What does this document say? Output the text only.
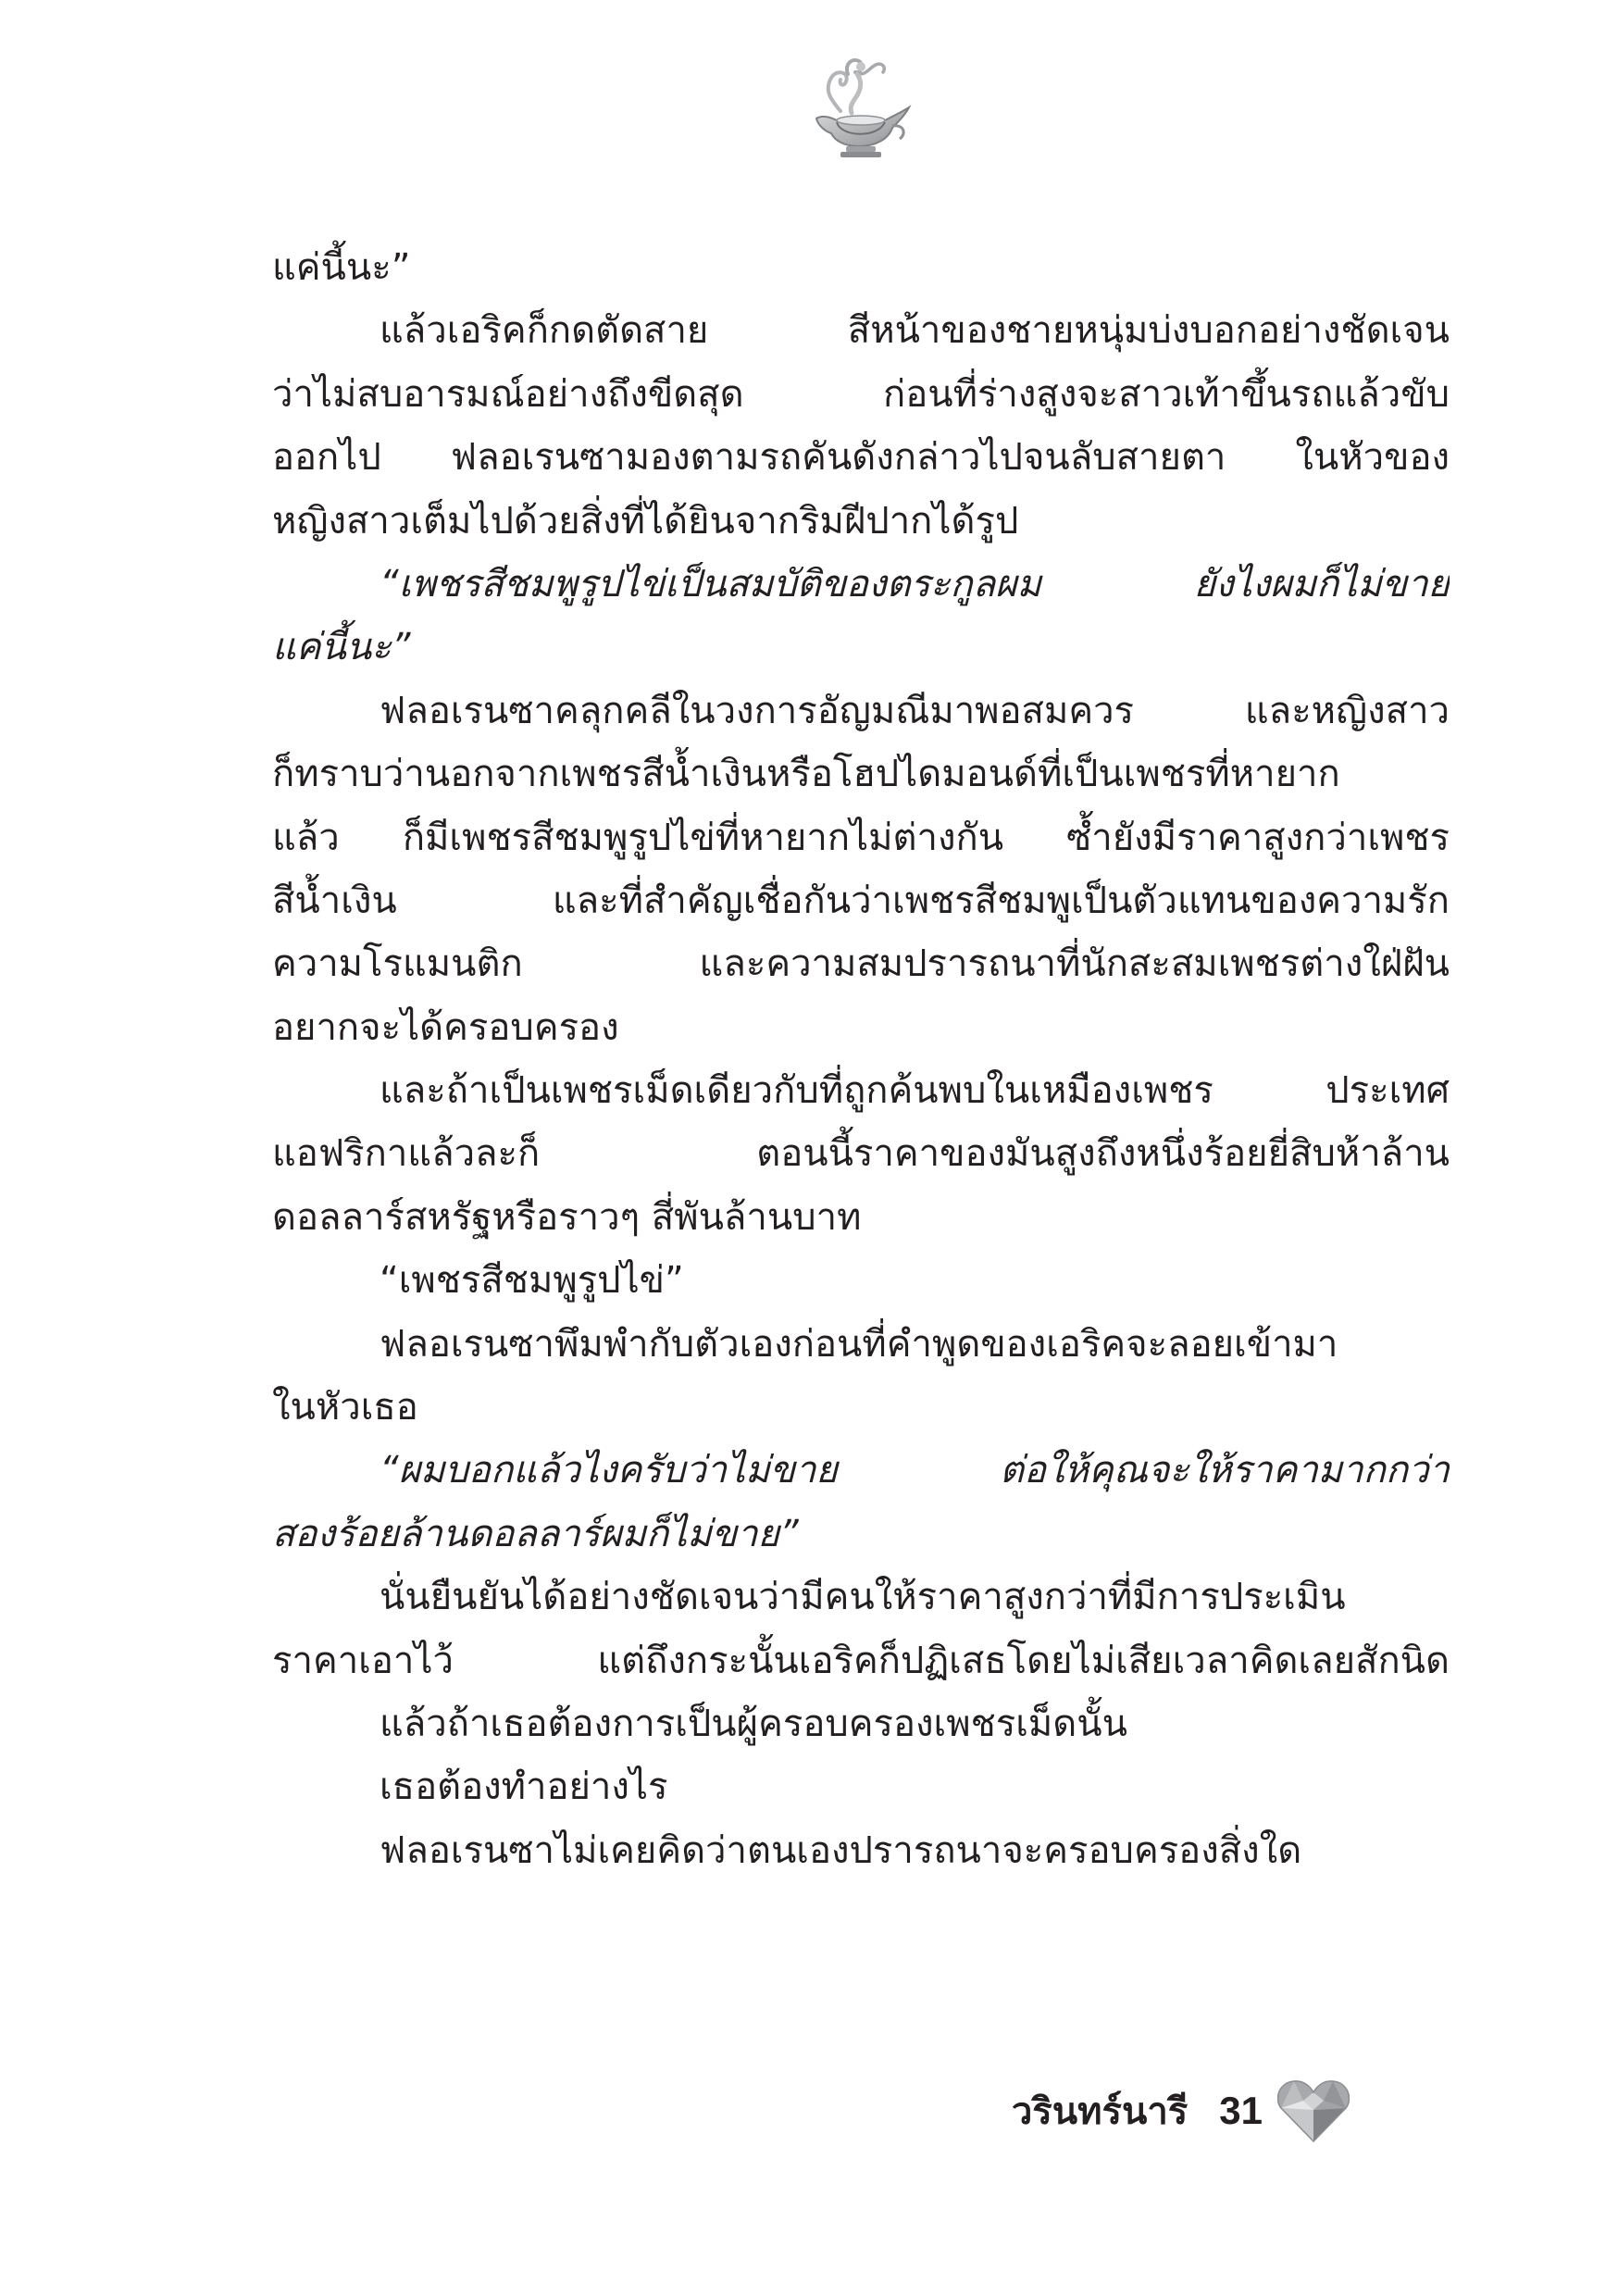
แค่นี้นะ”
แล้วเอริคก็กดตัดสาย สีหน้าของชายหนุ่มบ่งบอกอย่างชัดเจน
ว่าไม่สบอารมณ์อย่างถึงขีดสุด ก่อนที่ร่างสูงจะสาวเท้าขึ้นรถแล้วขับ
ออกไป ฟลอเรนซามองตามรถคันดังกล่าวไปจนลับสายตา ในหัวของ
หญิงสาวเต็มไปด้วยสิ่งที่ได้ยินจากริมฝีปากได้รูป
“เพชรสีชมพูรูปไข่เป็นสมบัติของตระกูลผม ยังไงผมก็ไม่ขาย
แค่นี้นะ”
ฟลอเรนซาคลุกคลีในวงการอัญมณีมาพอสมควร และหญิงสาว
ก็ทราบว่านอกจากเพชรสีน้ำเงินหรือโฮปไดมอนด์ที่เป็นเพชรที่หายาก
แล้ว ก็มีเพชรสีชมพูรูปไข่ที่หายากไม่ต่างกัน ซ้ำยังมีราคาสูงกว่าเพชร
สีน้ำเงิน และที่สำคัญเชื่อกันว่าเพชรสีชมพูเป็นตัวแทนของความรัก
ความโรแมนติก และความสมปรารถนาที่นักสะสมเพชรต่างใฝ่ฝัน
อยากจะได้ครอบครอง
และถ้าเป็นเพชรเม็ดเดียวกับที่ถูกค้นพบในเหมืองเพชร ประเทศ
แอฟริกาแล้วละก็ ตอนนี้ราคาของมันสูงถึงหนึ่งร้อยยี่สิบห้าล้าน
ดอลลาร์สหรัฐหรือราวๆ สี่พันล้านบาท
“เพชรสีชมพูรูปไข่”
ฟลอเรนซาพึมพำกับตัวเองก่อนที่คำพูดของเอริคจะลอยเข้ามา
ในหัวเธอ
“ผมบอกแล้วไงครับว่าไม่ขาย ต่อให้คุณจะให้ราคามากกว่า
สองร้อยล้านดอลลาร์ผมก็ไม่ขาย”
นั่นยืนยันได้อย่างชัดเจนว่ามีคนให้ราคาสูงกว่าที่มีการประเมิน
ราคาเอาไว้ แต่ถึงกระนั้นเอริคก็ปฏิเสธโดยไม่เสียเวลาคิดเลยสักนิด
แล้วถ้าเธอต้องการเป็นผู้ครอบครองเพชรเม็ดนั้น
เธอต้องทำอย่างไร
ฟลอเรนซาไม่เคยคิดว่าตนเองปรารถนาจะครอบครองสิ่งใด
วรินทร์นารี 31
